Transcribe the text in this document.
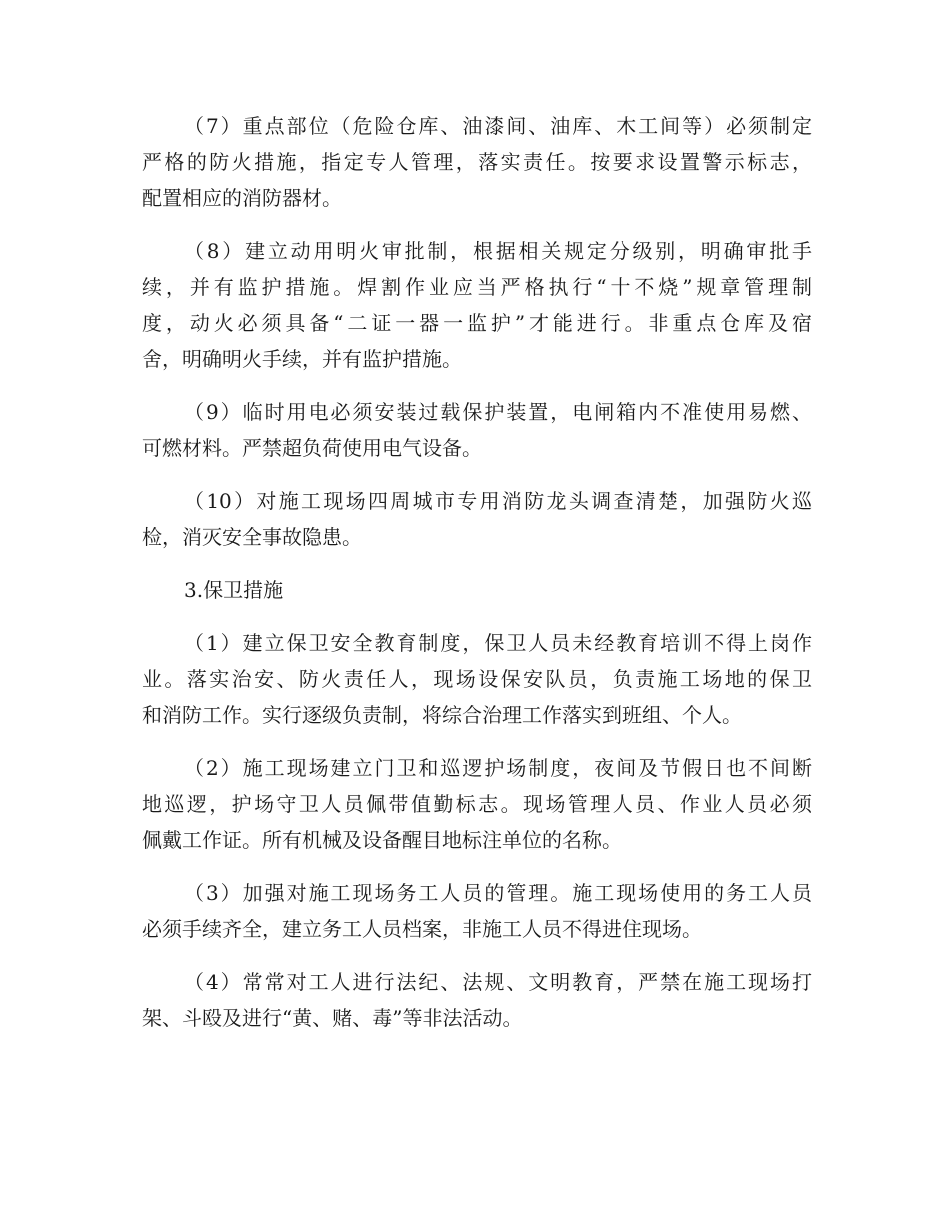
（7）重点部位（危险仓库、油漆间、油库、木工间等）必须制定
严格的防火措施，指定专人管理，落实责任。按要求设置警示标志，
配置相应的消防器材。
（8）建立动用明火审批制，根据相关规定分级别，明确审批手
续，并有监护措施。焊割作业应当严格执行“十不烧”规章管理制
度，动火必须具备“二证一器一监护”才能进行。非重点仓库及宿
舍，明确明火手续，并有监护措施。
（9）临时用电必须安装过载保护装置，电闸箱内不准使用易燃、
可燃材料。严禁超负荷使用电气设备。
（10）对施工现场四周城市专用消防龙头调查清楚，加强防火巡
检，消灭安全事故隐患。
3.保卫措施
（1）建立保卫安全教育制度，保卫人员未经教育培训不得上岗作
业。落实治安、防火责任人，现场设保安队员，负责施工场地的保卫
和消防工作。实行逐级负责制，将综合治理工作落实到班组、个人。
（2）施工现场建立门卫和巡逻护场制度，夜间及节假日也不间断
地巡逻，护场守卫人员佩带值勤标志。现场管理人员、作业人员必须
佩戴工作证。所有机械及设备醒目地标注单位的名称。
（3）加强对施工现场务工人员的管理。施工现场使用的务工人员
必须手续齐全，建立务工人员档案，非施工人员不得进住现场。
（4）常常对工人进行法纪、法规、文明教育，严禁在施工现场打
架、斗殴及进行“黄、赌、毒”等非法活动。
